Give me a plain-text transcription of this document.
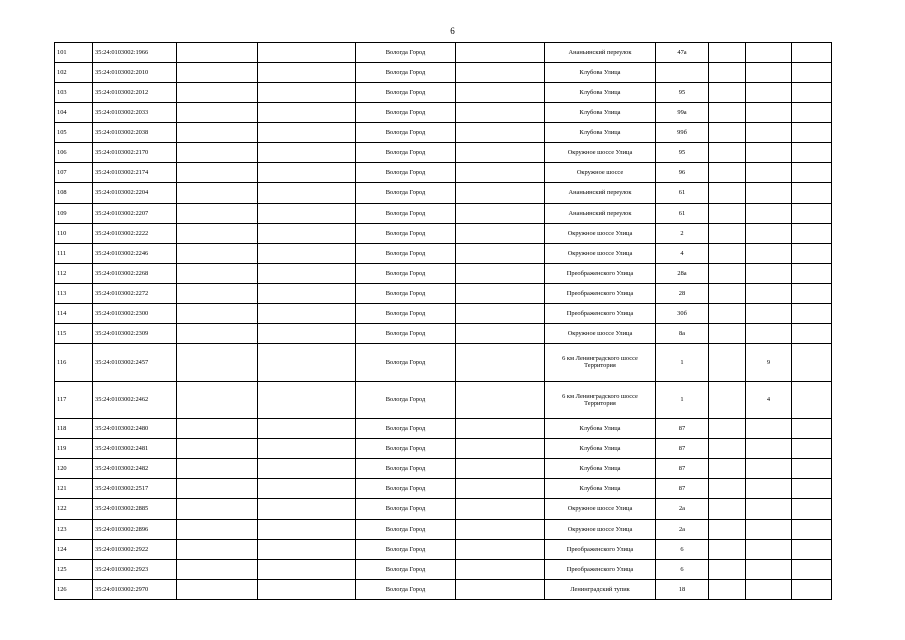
6
101	35:24:0103002:1966			Вологда Город		Ананьинский переулок	47а			
102	35:24:0103002:2010			Вологда Город		Клубова Улица				
103	35:24:0103002:2012			Вологда Город		Клубова Улица	95			
104	35:24:0103002:2033			Вологда Город		Клубова Улица	99а			
105	35:24:0103002:2038			Вологда Город		Клубова Улица	99б			
106	35:24:0103002:2170			Вологда Город		Окружное шоссе Улица	95			
107	35:24:0103002:2174			Вологда Город		Окружное шоссе	96			
108	35:24:0103002:2204			Вологда Город		Ананьинский переулок	61			
109	35:24:0103002:2207			Вологда Город		Ананьинский переулок	61			
110	35:24:0103002:2222			Вологда Город		Окружное шоссе Улица	2			
111	35:24:0103002:2246			Вологда Город		Окружное шоссе Улица	4			
112	35:24:0103002:2268			Вологда Город		Преображенского Улица	28а			
113	35:24:0103002:2272			Вологда Город		Преображенского Улица	28			
114	35:24:0103002:2300			Вологда Город		Преображенского Улица	30б			
115	35:24:0103002:2309			Вологда Город		Окружное шоссе Улица	8а			
116	35:24:0103002:2457			Вологда Город		6 км Ленинградского шоссе Территория	1		9	
117	35:24:0103002:2462			Вологда Город		6 км Ленинградского шоссе Территория	1		4	
118	35:24:0103002:2480			Вологда Город		Клубова Улица	87			
119	35:24:0103002:2481			Вологда Город		Клубова Улица	87			
120	35:24:0103002:2482			Вологда Город		Клубова Улица	87			
121	35:24:0103002:2517			Вологда Город		Клубова Улица	87			
122	35:24:0103002:2885			Вологда Город		Окружное шоссе Улица	2а			
123	35:24:0103002:2896			Вологда Город		Окружное шоссе Улица	2а			
124	35:24:0103002:2922			Вологда Город		Преображенского Улица	6			
125	35:24:0103002:2923			Вологда Город		Преображенского Улица	6			
126	35:24:0103002:2970			Вологда Город		Ленинградский тупик	18			
